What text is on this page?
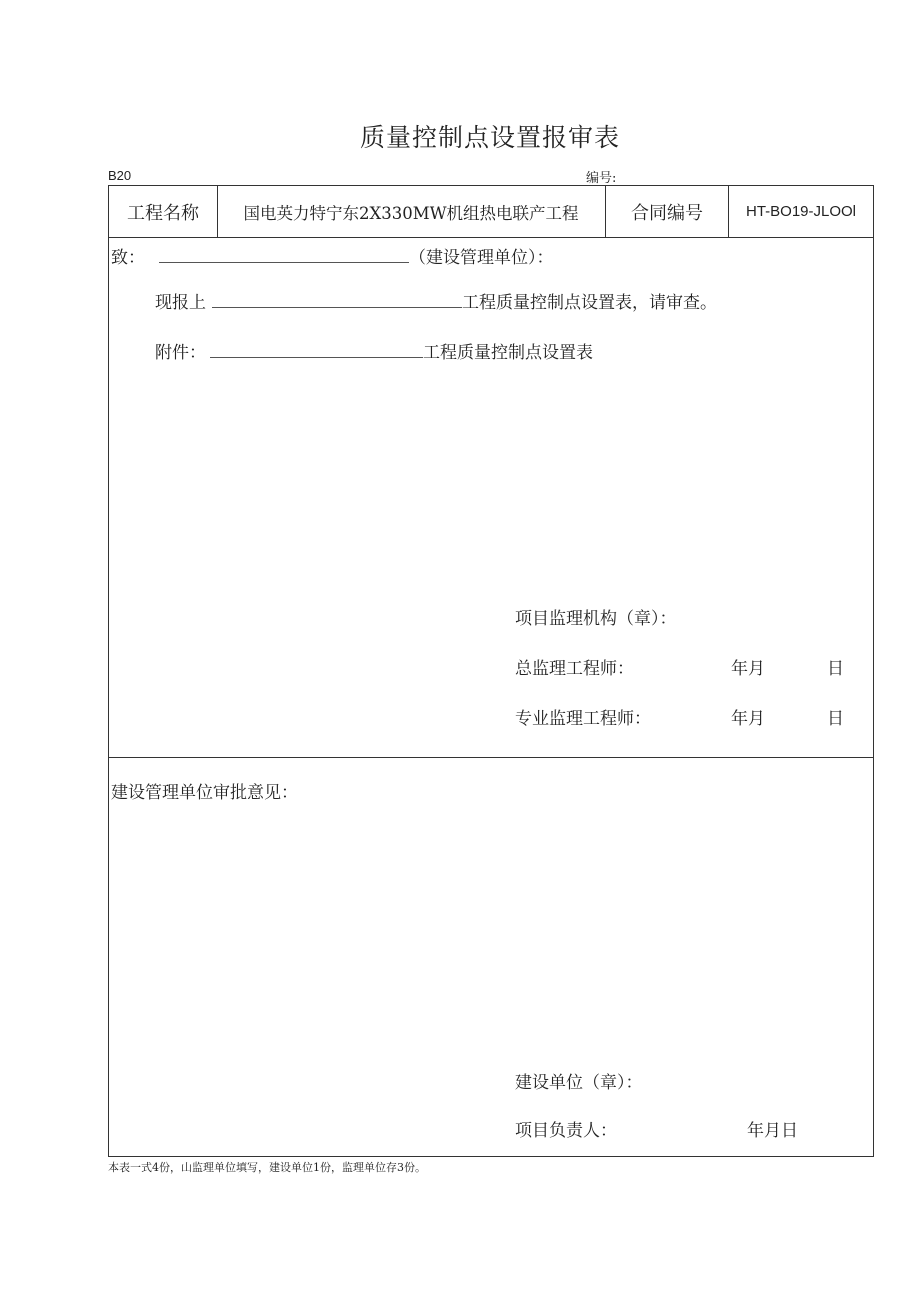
质量控制点设置报审表
B20	编号:
工程名称	国电英力特宁东2X330MW机组热电联产工程	合同编号	HT-BO19-JLOOl
致：	（建设管理单位）：
现报上	工程质量控制点设置表，请审查。
附件：	工程质量控制点设置表
项目监理机构（章）：
总监理工程师：	年月	日
专业监理工程师：	年月	日
建设管理单位审批意见：
建设单位（章）：
项目负责人：	年月日
本表一式4份，山监理单位填写，建设单位1份，监理单位存3份。
